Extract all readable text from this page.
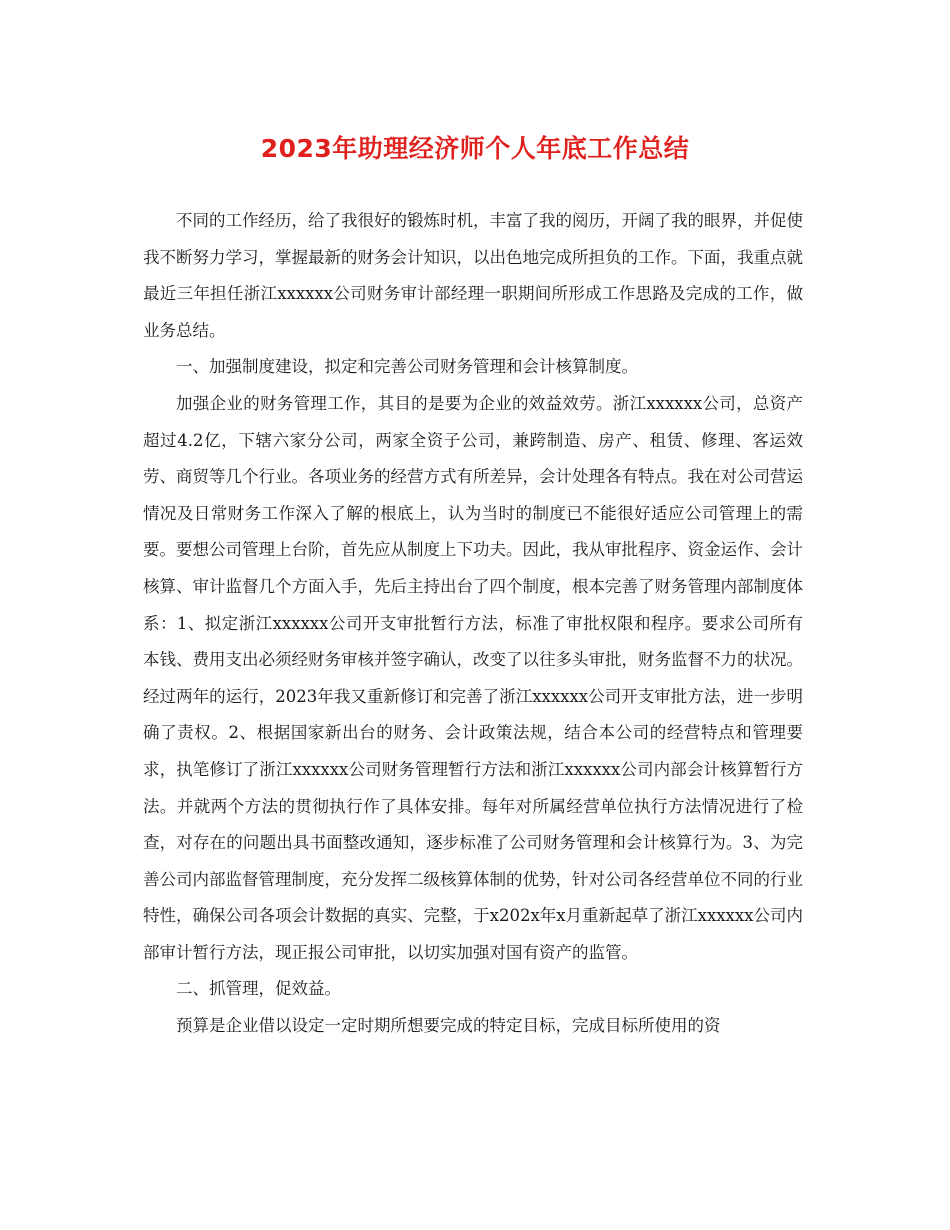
2023年助理经济师个人年底工作总结

不同的工作经历，给了我很好的锻炼时机，丰富了我的阅历，开阔了我的眼界，并促使我不断努力学习，掌握最新的财务会计知识，以出色地完成所担负的工作。下面，我重点就最近三年担任浙江xxxxxx公司财务审计部经理一职期间所形成工作思路及完成的工作，做业务总结。

一、加强制度建设，拟定和完善公司财务管理和会计核算制度。

加强企业的财务管理工作，其目的是要为企业的效益效劳。浙江xxxxxx公司，总资产超过4.2亿，下辖六家分公司，两家全资子公司，兼跨制造、房产、租赁、修理、客运效劳、商贸等几个行业。各项业务的经营方式有所差异，会计处理各有特点。我在对公司营运情况及日常财务工作深入了解的根底上，认为当时的制度已不能很好适应公司管理上的需要。要想公司管理上台阶，首先应从制度上下功夫。因此，我从审批程序、资金运作、会计核算、审计监督几个方面入手，先后主持出台了四个制度，根本完善了财务管理内部制度体系：1、拟定浙江xxxxxx公司开支审批暂行方法，标准了审批权限和程序。要求公司所有本钱、费用支出必须经财务审核并签字确认，改变了以往多头审批，财务监督不力的状况。经过两年的运行，2023年我又重新修订和完善了浙江xxxxxx公司开支审批方法，进一步明确了责权。2、根据国家新出台的财务、会计政策法规，结合本公司的经营特点和管理要求，执笔修订了浙江xxxxxx公司财务管理暂行方法和浙江xxxxxx公司内部会计核算暂行方法。并就两个方法的贯彻执行作了具体安排。每年对所属经营单位执行方法情况进行了检查，对存在的问题出具书面整改通知，逐步标准了公司财务管理和会计核算行为。3、为完善公司内部监督管理制度，充分发挥二级核算体制的优势，针对公司各经营单位不同的行业特性，确保公司各项会计数据的真实、完整，于x202x年x月重新起草了浙江xxxxxx公司内部审计暂行方法，现正报公司审批，以切实加强对国有资产的监管。

二、抓管理，促效益。

预算是企业借以设定一定时期所想要完成的特定目标，完成目标所使用的资
